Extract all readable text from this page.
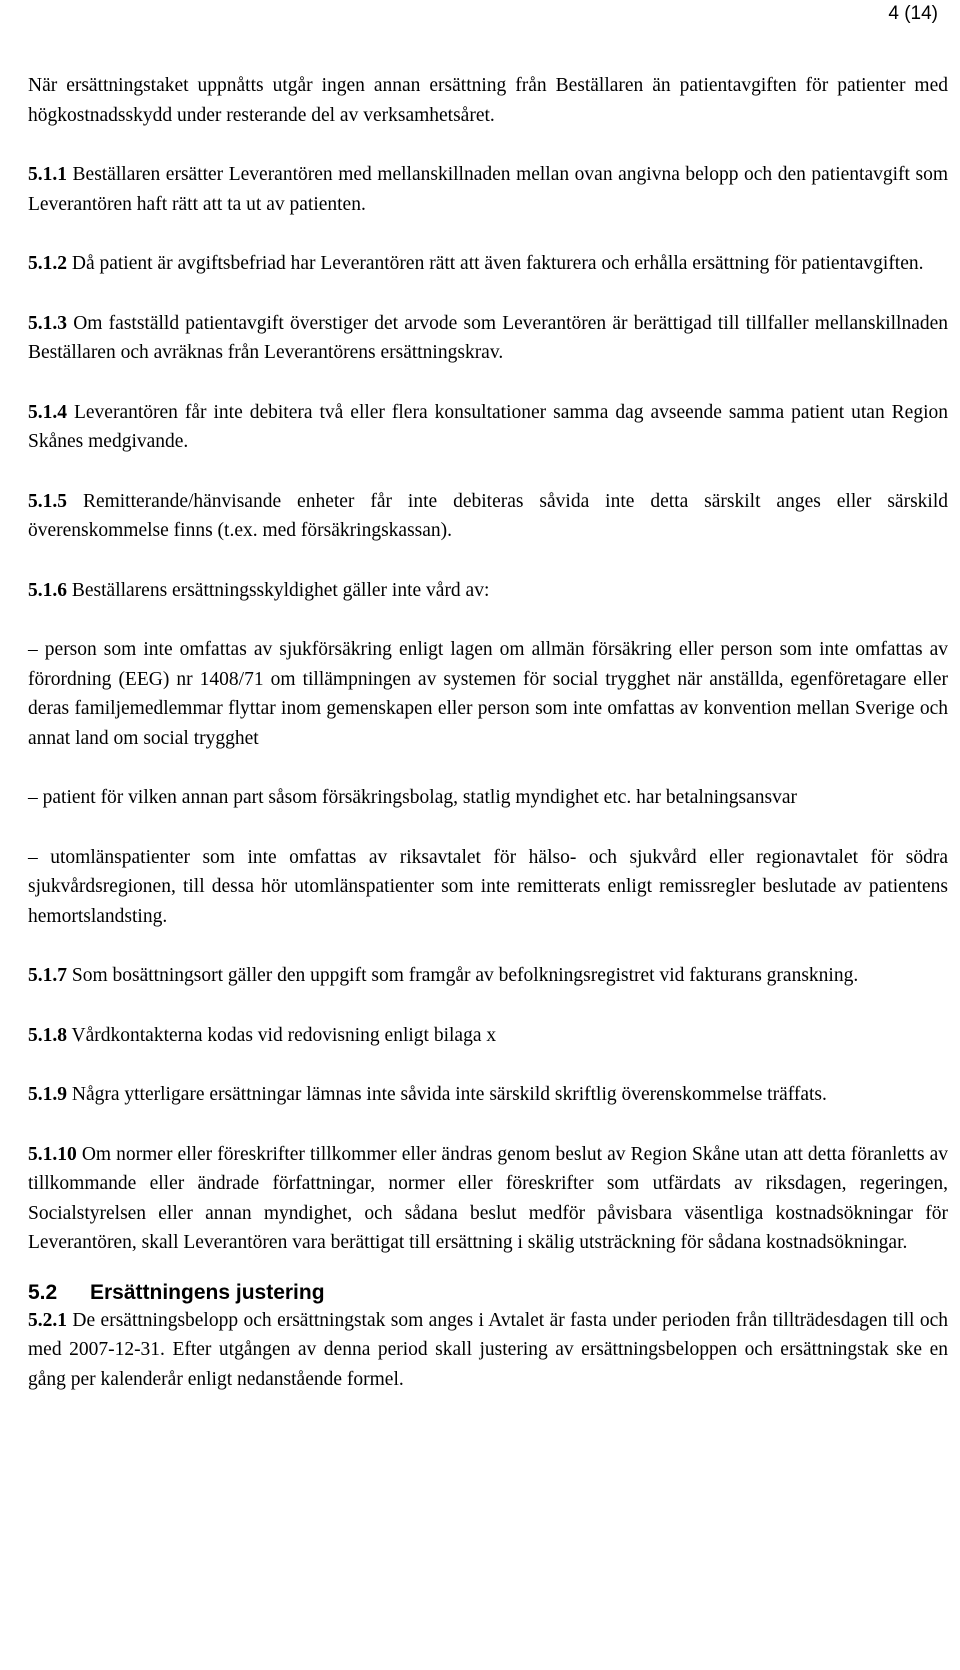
4 (14)

När ersättningstaket uppnåtts utgår ingen annan ersättning från Beställaren än patientavgiften för patienter med högkostnadsskydd under resterande del av verksamhetsåret.

5.1.1 Beställaren ersätter Leverantören med mellanskillnaden mellan ovan angivna belopp och den patientavgift som Leverantören haft rätt att ta ut av patienten.

5.1.2 Då patient är avgiftsbefriad har Leverantören rätt att även fakturera och erhålla ersättning för patientavgiften.

5.1.3 Om fastställd patientavgift överstiger det arvode som Leverantören är berättigad till tillfaller mellanskillnaden Beställaren och avräknas från Leverantörens ersättningskrav.

5.1.4 Leverantören får inte debitera två eller flera konsultationer samma dag avseende samma patient utan Region Skånes medgivande.

5.1.5 Remitterande/hänvisande enheter får inte debiteras såvida inte detta särskilt anges eller särskild överenskommelse finns (t.ex. med försäkringskassan).

5.1.6 Beställarens ersättningsskyldighet gäller inte vård av:

– person som inte omfattas av sjukförsäkring enligt lagen om allmän försäkring eller person som inte omfattas av förordning (EEG) nr 1408/71 om tillämpningen av systemen för social trygghet när anställda, egenföretagare eller deras familjemedlemmar flyttar inom gemenskapen eller person som inte omfattas av konvention mellan Sverige och annat land om social trygghet

– patient för vilken annan part såsom försäkringsbolag, statlig myndighet etc. har betalningsansvar

– utomlänspatienter som inte omfattas av riksavtalet för hälso- och sjukvård eller regionavtalet för södra sjukvårdsregionen, till dessa hör utomlänspatienter som inte remitterats enligt remissregler beslutade av patientens hemortslandsting.

5.1.7 Som bosättningsort gäller den uppgift som framgår av befolkningsregistret vid fakturans granskning.

5.1.8 Vårdkontakterna kodas vid redovisning enligt bilaga x

5.1.9 Några ytterligare ersättningar lämnas inte såvida inte särskild skriftlig överenskommelse träffats.

5.1.10 Om normer eller föreskrifter tillkommer eller ändras genom beslut av Region Skåne utan att detta föranletts av tillkommande eller ändrade författningar, normer eller föreskrifter som utfärdats av riksdagen, regeringen, Socialstyrelsen eller annan myndighet, och sådana beslut medför påvisbara väsentliga kostnadsökningar för Leverantören, skall Leverantören vara berättigat till ersättning i skälig utsträckning för sådana kostnadsökningar.

5.2 Ersättningens justering

5.2.1 De ersättningsbelopp och ersättningstak som anges i Avtalet är fasta under perioden från tillträdesdagen till och med 2007-12-31. Efter utgången av denna period skall justering av ersättningsbeloppen och ersättningstak ske en gång per kalenderår enligt nedanstående formel.
